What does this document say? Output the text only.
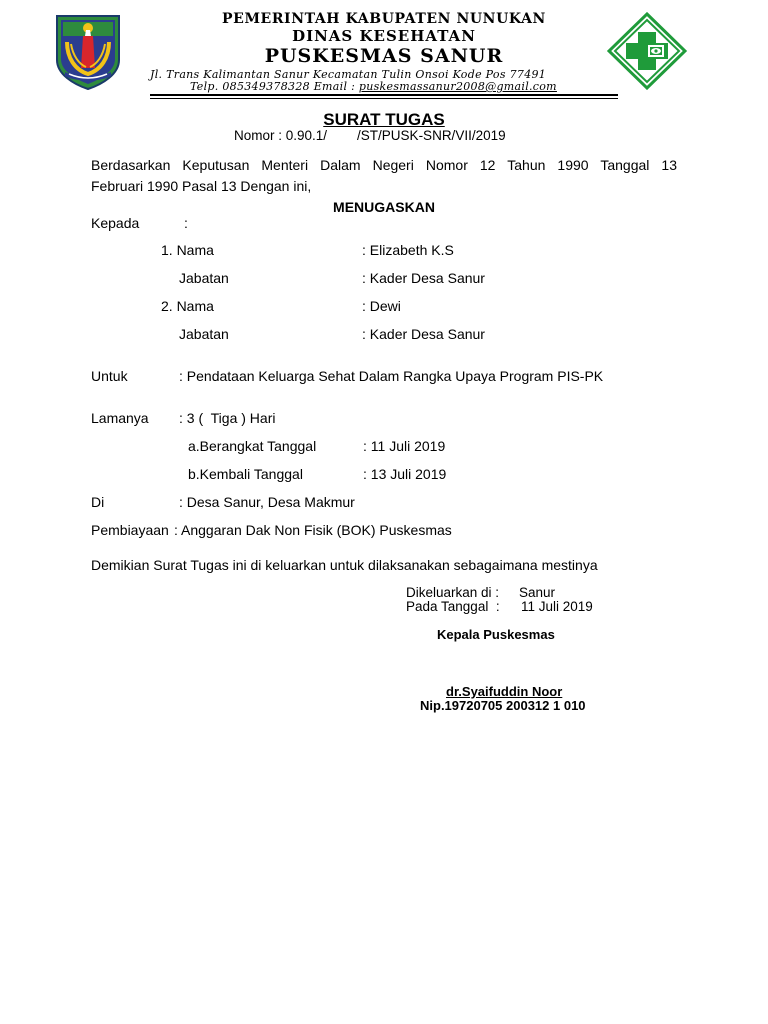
PEMERINTAH KABUPATEN NUNUKAN
DINAS KESEHATAN
PUSKESMAS SANUR
Jl. Trans Kalimantan Sanur Kecamatan Tulin Onsoi Kode Pos 77491
Telp. 085349378328 Email : puskesmassanur2008@gmail.com
SURAT TUGAS
Nomor : 0.90.1/        /ST/PUSK-SNR/VII/2019
Berdasarkan Keputusan Menteri Dalam Negeri Nomor 12 Tahun 1990 Tanggal 13
Februari 1990 Pasal 13 Dengan ini,
MENUGASKAN
Kepada	:
1. Nama	: Elizabeth K.S
Jabatan	: Kader Desa Sanur
2. Nama	: Dewi
Jabatan	: Kader Desa Sanur
Untuk	: Pendataan Keluarga Sehat Dalam Rangka Upaya Program PIS-PK
Lamanya : 3 (  Tiga ) Hari
a.Berangkat Tanggal	: 11 Juli 2019
b.Kembali Tanggal	: 13 Juli 2019
Di	: Desa Sanur, Desa Makmur
Pembiayaan : Anggaran Dak Non Fisik (BOK) Puskesmas
Demikian Surat Tugas ini di keluarkan untuk dilaksanakan sebagaimana mestinya
Dikeluarkan di : Sanur
Pada Tanggal  : 11 Juli 2019
Kepala Puskesmas
dr.Syaifuddin Noor
Nip.19720705 200312 1 010
